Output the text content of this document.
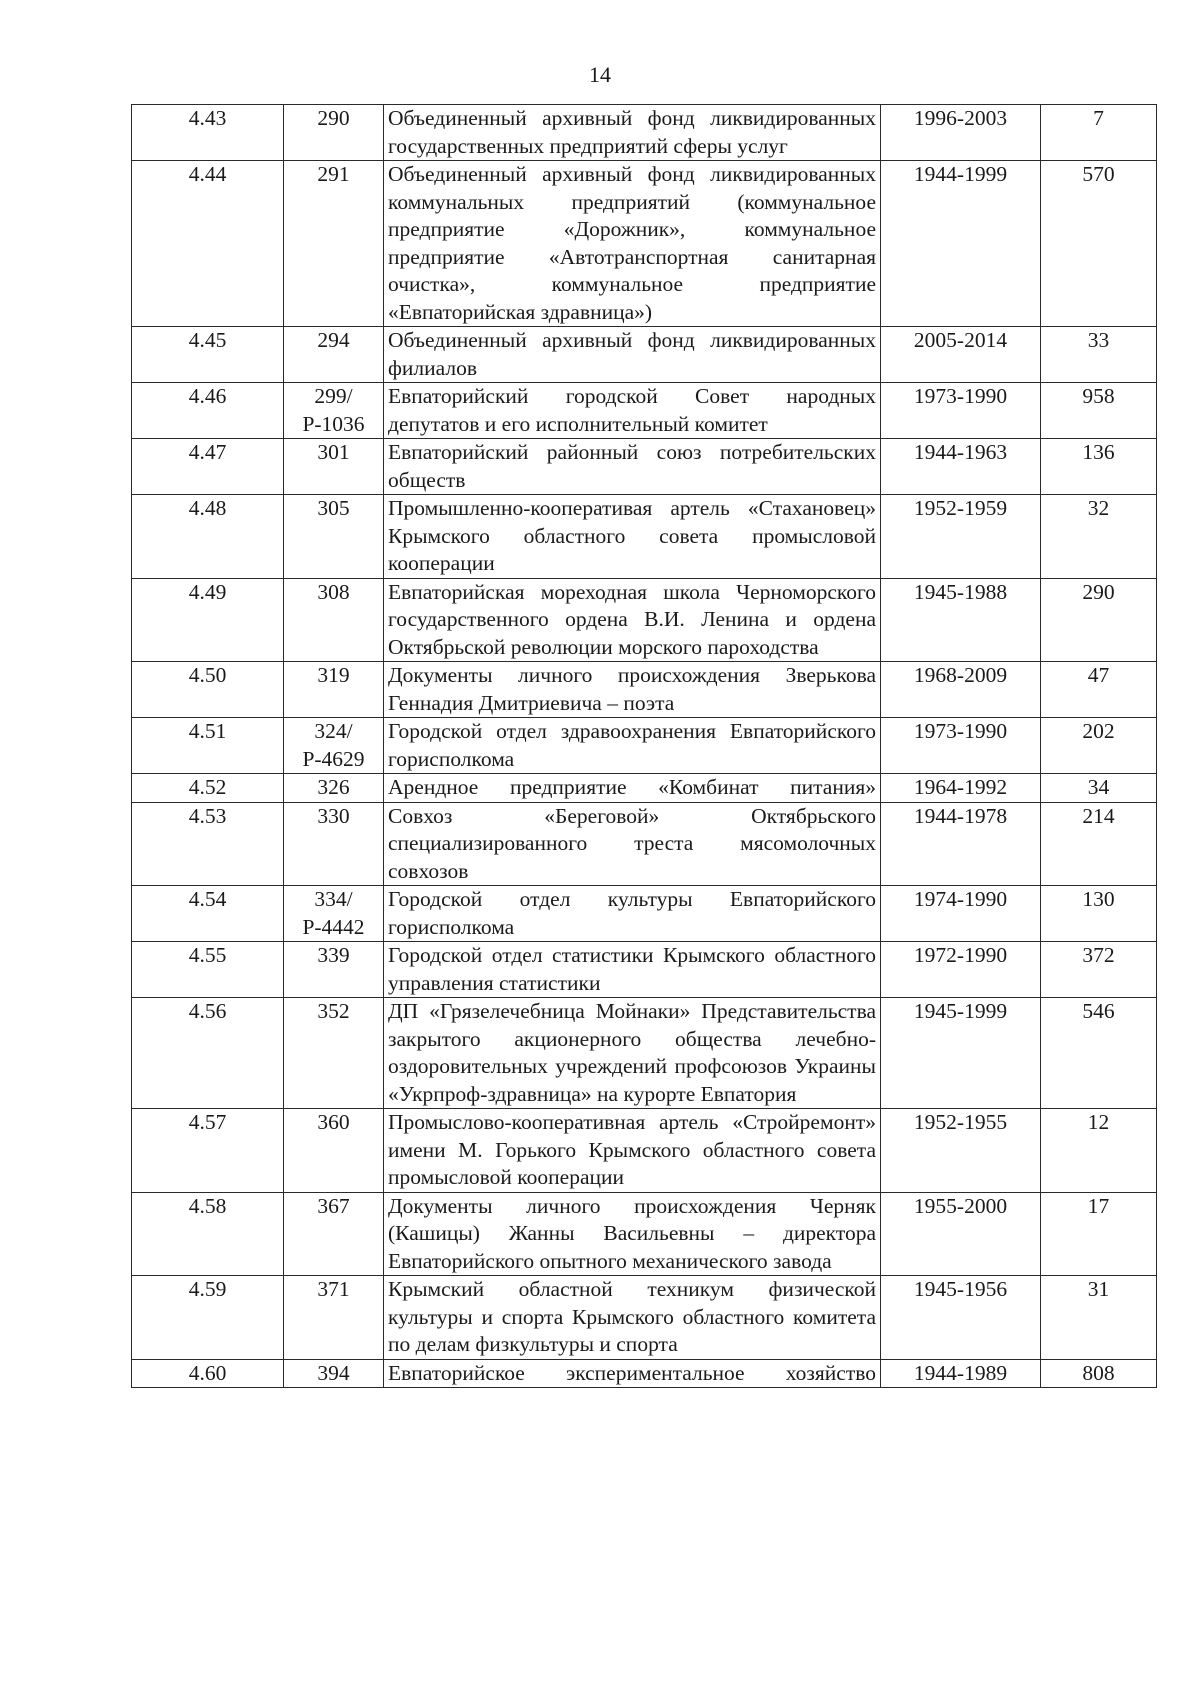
14
4.43	290	Объединенный архивный фонд ликвидированных государственных предприятий сферы услуг	1996-2003	7
4.44	291	Объединенный архивный фонд ликвидированных коммунальных предприятий (коммунальное предприятие «Дорожник», коммунальное предприятие «Автотранспортная санитарная очистка», коммунальное предприятие «Евпаторийская здравница»)	1944-1999	570
4.45	294	Объединенный архивный фонд ликвидированных филиалов	2005-2014	33
4.46	299/Р-1036	Евпаторийский городской Совет народных депутатов и его исполнительный комитет	1973-1990	958
4.47	301	Евпаторийский районный союз потребительских обществ	1944-1963	136
4.48	305	Промышленно-кооперативая артель «Стахановец» Крымского областного совета промысловой кооперации	1952-1959	32
4.49	308	Евпаторийская мореходная школа Черноморского государственного ордена В.И. Ленина и ордена Октябрьской революции морского пароходства	1945-1988	290
4.50	319	Документы личного происхождения Зверькова Геннадия Дмитриевича – поэта	1968-2009	47
4.51	324/Р-4629	Городской отдел здравоохранения Евпаторийского горисполкома	1973-1990	202
4.52	326	Арендное предприятие «Комбинат питания»	1964-1992	34
4.53	330	Совхоз «Береговой» Октябрьского специализированного треста мясомолочных совхозов	1944-1978	214
4.54	334/Р-4442	Городской отдел культуры Евпаторийского горисполкома	1974-1990	130
4.55	339	Городской отдел статистики Крымского областного управления статистики	1972-1990	372
4.56	352	ДП «Грязелечебница Мойнаки» Представительства закрытого акционерного общества лечебно-оздоровительных учреждений профсоюзов Украины «Укрпроф-здравница» на курорте Евпатория	1945-1999	546
4.57	360	Промыслово-кооперативная артель «Стройремонт» имени М. Горького Крымского областного совета промысловой кооперации	1952-1955	12
4.58	367	Документы личного происхождения Черняк (Кашицы) Жанны Васильевны – директора Евпаторийского опытного механического завода	1955-2000	17
4.59	371	Крымский областной техникум физической культуры и спорта Крымского областного комитета по делам физкультуры и спорта	1945-1956	31
4.60	394	Евпаторийское экспериментальное хозяйство	1944-1989	808
